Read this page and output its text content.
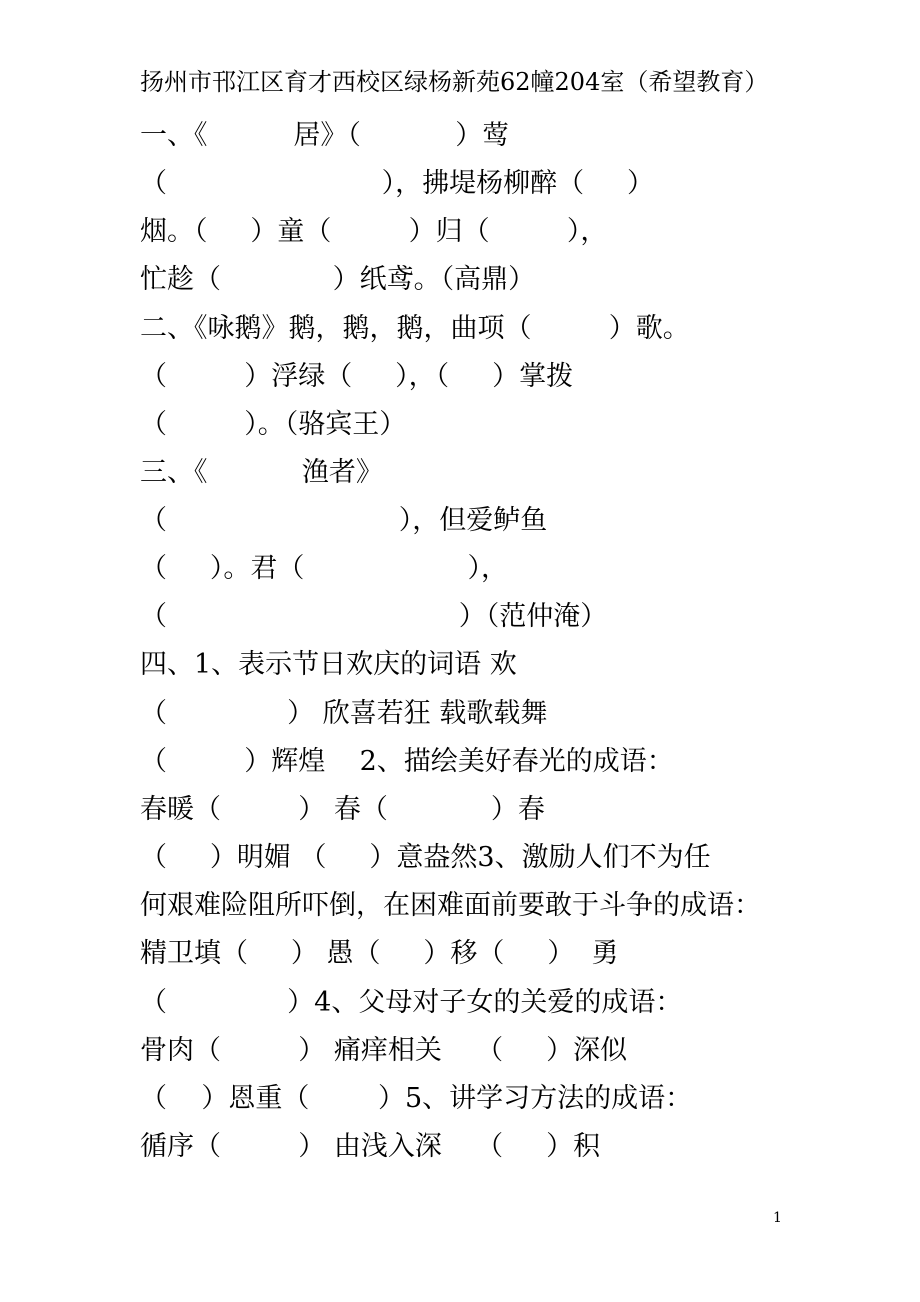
扬州市邗江区育才西校区绿杨新苑62幢204室（希望教育）
一、《          居》（           ）莺
（                         ），拂堤杨柳醉（     ）
烟。（     ）童（         ）归（         ），
忙趁（             ）纸鸢。（高鼎）
二、《咏鹅》鹅，鹅，鹅，曲项（         ）歌。
（         ）浮绿（     ），（     ）掌拨
（         ）。（骆宾王）
三、《           渔者》
（                           ），但爱鲈鱼
（     ）。君（                   ），
（                                  ）（范仲淹）
四、1、表示节日欢庆的词语 欢
（              ） 欣喜若狂 载歌载舞
（         ）辉煌    2、描绘美好春光的成语：
春暖（         ） 春（            ）春
（     ）明媚 （     ）意盎然3、激励人们不为任
何艰难险阻所吓倒，在困难面前要敢于斗争的成语：
精卫填（     ） 愚（     ）移（     ）  勇
（              ）4、父母对子女的关爱的成语：
骨肉（         ） 痛痒相关    （     ）深似
（    ）恩重（        ）5、讲学习方法的成语：
循序（         ） 由浅入深    （     ）积
1
